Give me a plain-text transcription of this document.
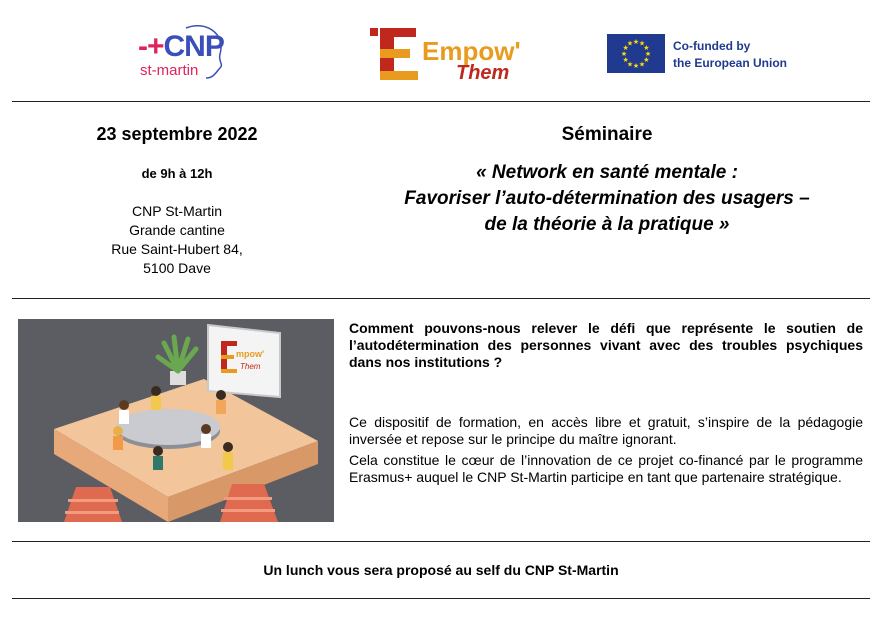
-+CNP
st-martin
Empow'
Them
★
★
★
★
★
★
★
★
★ ★ ★
★ Co-funded by
the European Union
23 septembre 2022
de 9h à 12h
CNP St-Martin
Grande cantine
Rue Saint-Hubert 84,
5100 Dave
Séminaire
« Network en santé mentale :
Favoriser l’auto-détermination des usagers –
de la théorie à la pratique »
mpow'
Them
Comment pouvons-nous relever le défi que représente le soutien de l’autodétermination des personnes vivant avec des troubles psychiques dans nos institutions ?
Ce dispositif de formation, en accès libre et gratuit, s’inspire de la pédagogie inversée et repose sur le principe du maître ignorant.
Cela constitue le cœur de l’innovation de ce projet co-financé par le programme Erasmus+ auquel le CNP St-Martin participe en tant que partenaire stratégique.
Un lunch vous sera proposé au self du CNP St-Martin
